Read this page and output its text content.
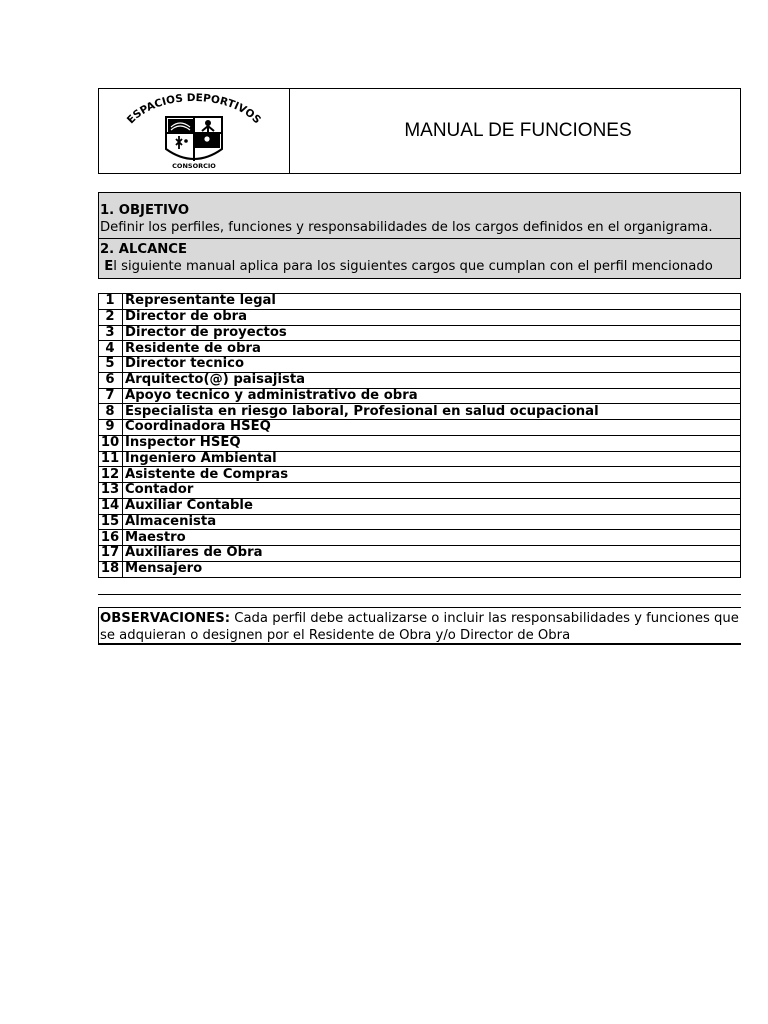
ESPACIOS DEPORTIVOS
CONSORCIO
MANUAL DE FUNCIONES
1. OBJETIVO
Definir los perfiles, funciones y responsabilidades de los cargos definidos en el organigrama.
2. ALCANCE
El siguiente manual aplica para los siguientes cargos que cumplan con el perfil mencionado
1	Representante legal
2	Director de obra
3	Director de proyectos
4	Residente de obra
5	Director tecnico
6	Arquitecto(@) paisajista
7	Apoyo tecnico y administrativo de obra
8	Especialista en riesgo laboral, Profesional en salud ocupacional
9	Coordinadora HSEQ
10	Inspector HSEQ
11	Ingeniero Ambiental
12	Asistente de Compras
13	Contador
14	Auxiliar Contable
15	Almacenista
16	Maestro
17	Auxiliares de Obra
18	Mensajero
OBSERVACIONES: Cada perfil debe actualizarse o incluir las responsabilidades y funciones que se adquieran o designen por el Residente de Obra y/o Director de Obra
